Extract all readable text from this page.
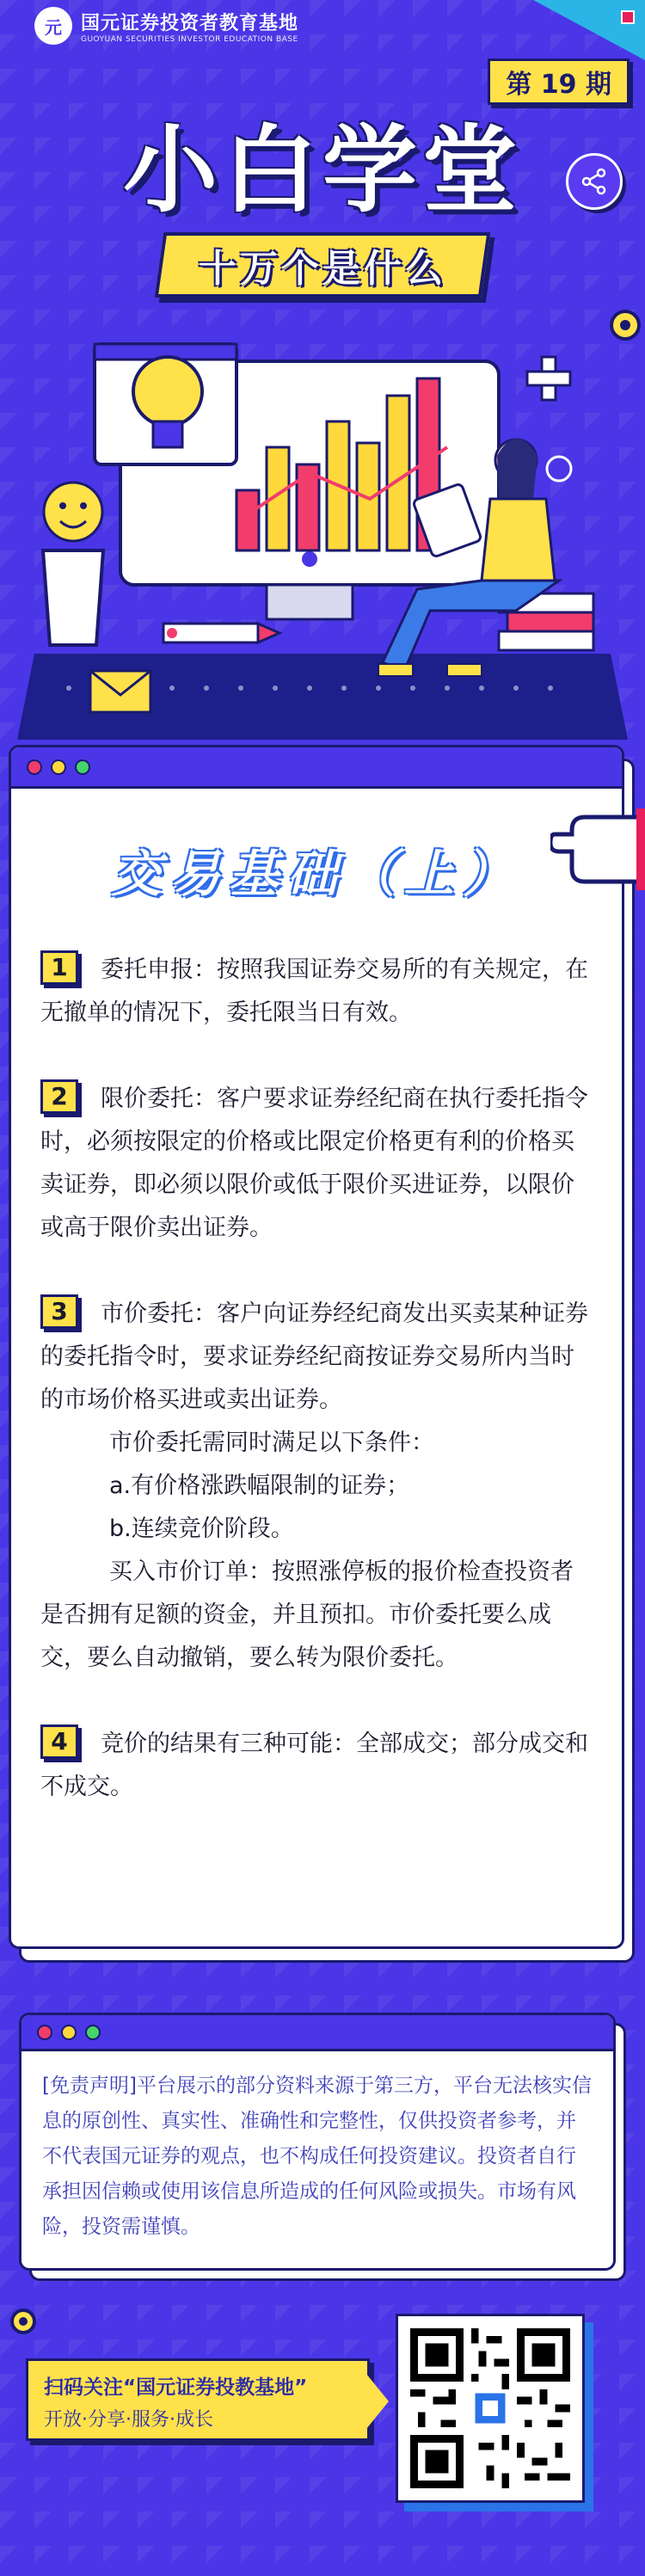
元	国元证券投资者教育基地
GUOYUAN SECURITIES INVESTOR EDUCATION BASE
第 19 期
小白学堂
十万个是什么
交易基础（上）
1 委托申报：按照我国证券交易所的有关规定，在无撤单的情况下，委托限当日有效。
2 限价委托：客户要求证券经纪商在执行委托指令时，必须按限定的价格或比限定价格更有利的价格买卖证券，即必须以限价或低于限价买进证券，以限价或高于限价卖出证券。
3 市价委托：客户向证券经纪商发出买卖某种证券的委托指令时，要求证券经纪商按证券交易所内当时的市场价格买进或卖出证券。
市价委托需同时满足以下条件：
a.有价格涨跌幅限制的证券；
b.连续竞价阶段。
买入市价订单：按照涨停板的报价检查投资者是否拥有足额的资金，并且预扣。市价委托要么成交，要么自动撤销，要么转为限价委托。
4 竞价的结果有三种可能：全部成交；部分成交和不成交。
[免责声明]平台展示的部分资料来源于第三方，平台无法核实信息的原创性、真实性、准确性和完整性，仅供投资者参考，并不代表国元证券的观点，也不构成任何投资建议。投资者自行承担因信赖或使用该信息所造成的任何风险或损失。市场有风险，投资需谨慎。
扫码关注“国元证券投教基地”
开放·分享·服务·成长
